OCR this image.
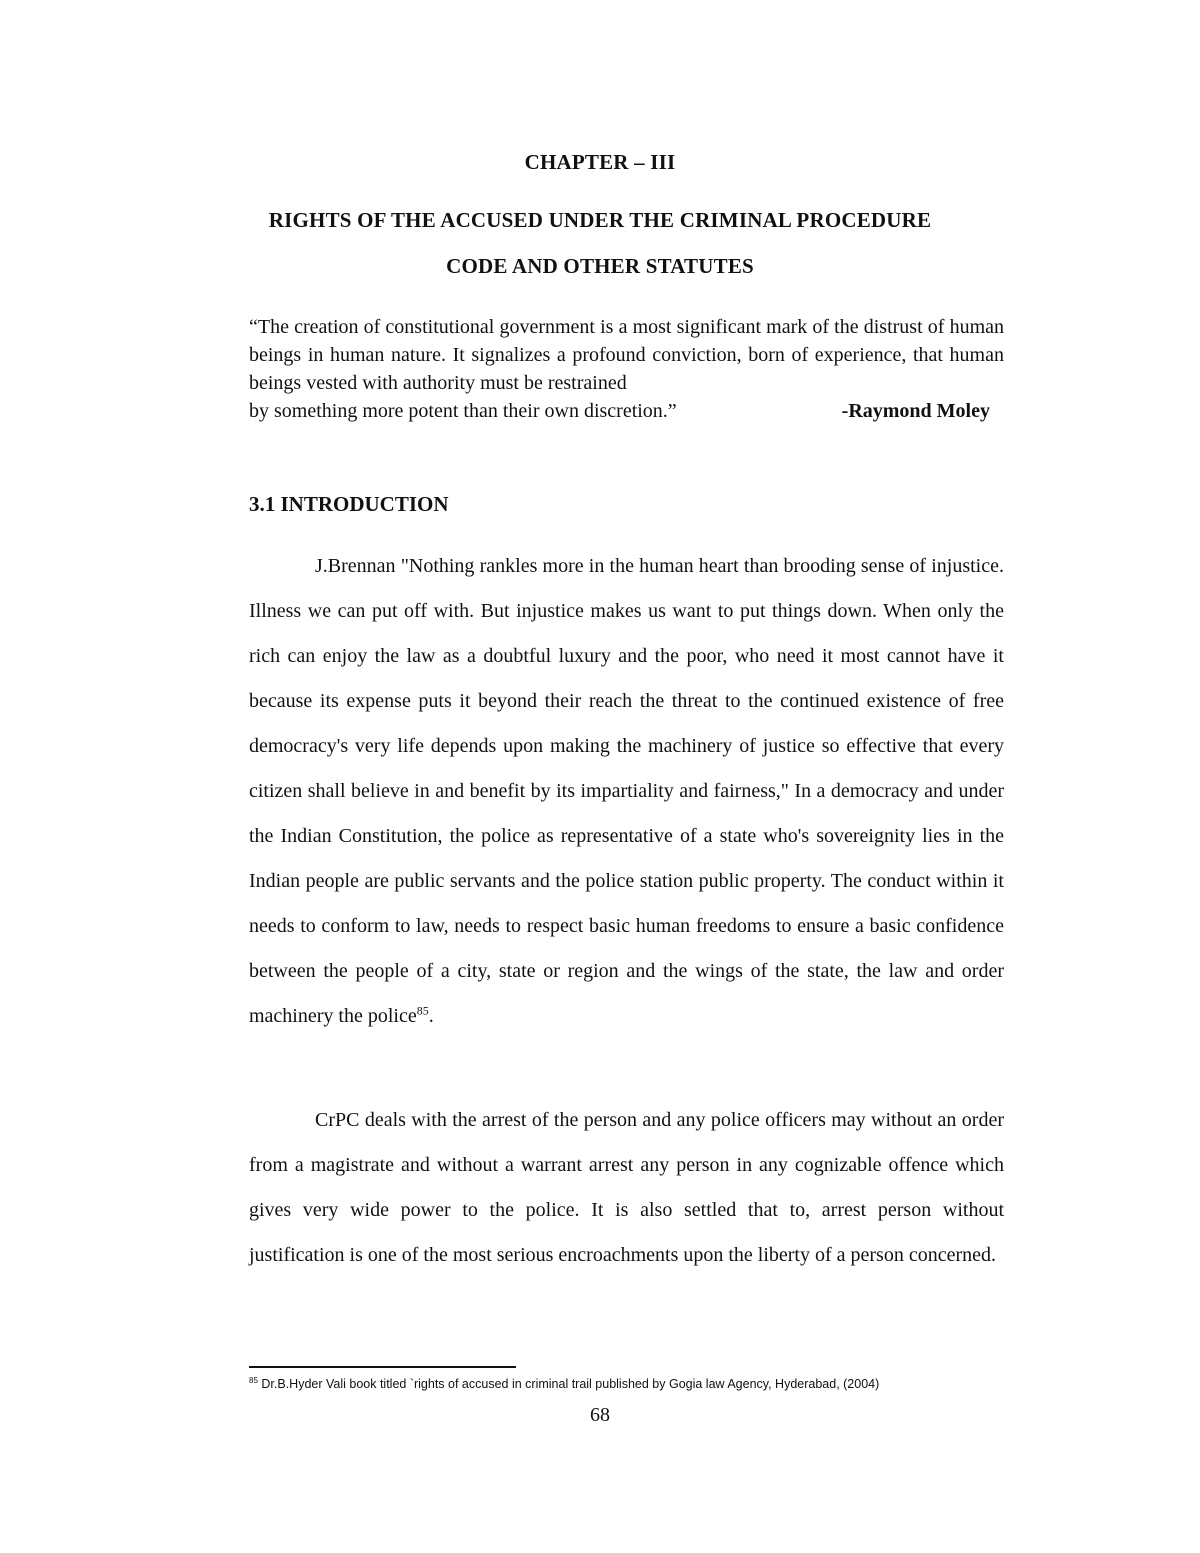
CHAPTER – III
RIGHTS OF THE ACCUSED UNDER THE CRIMINAL PROCEDURE
CODE AND OTHER STATUTES
“The creation of constitutional government is a most significant mark of the distrust of human beings in human nature. It signalizes a profound conviction, born of experience, that human beings vested with authority must be restrained
by something more potent than their own discretion.”	-Raymond Moley
3.1 INTRODUCTION

J.Brennan "Nothing rankles more in the human heart than brooding sense of injustice. Illness we can put off with. But injustice makes us want to put things down. When only the rich can enjoy the law as a doubtful luxury and the poor, who need it most cannot have it because its expense puts it beyond their reach the threat to the continued existence of free democracy's very life depends upon making the machinery of justice so effective that every citizen shall believe in and benefit by its impartiality and fairness," In a democracy and under the Indian Constitution, the police as representative of a state who's sovereignity lies in the Indian people are public servants and the police station public property. The conduct within it needs to conform to law, needs to respect basic human freedoms to ensure a basic confidence between the people of a city, state or region and the wings of the state, the law and order machinery the police$^{85}$.

CrPC deals with the arrest of the person and any police officers may without an order from a magistrate and without a warrant arrest any person in any cognizable offence which gives very wide power to the police. It is also settled that to, arrest person without justification is one of the most serious encroachments upon the liberty of a person concerned.

$^{85}$ Dr.B.Hyder Vali book titled `rights of accused in criminal trail published by Gogia law Agency, Hyderabad, (2004)
68
